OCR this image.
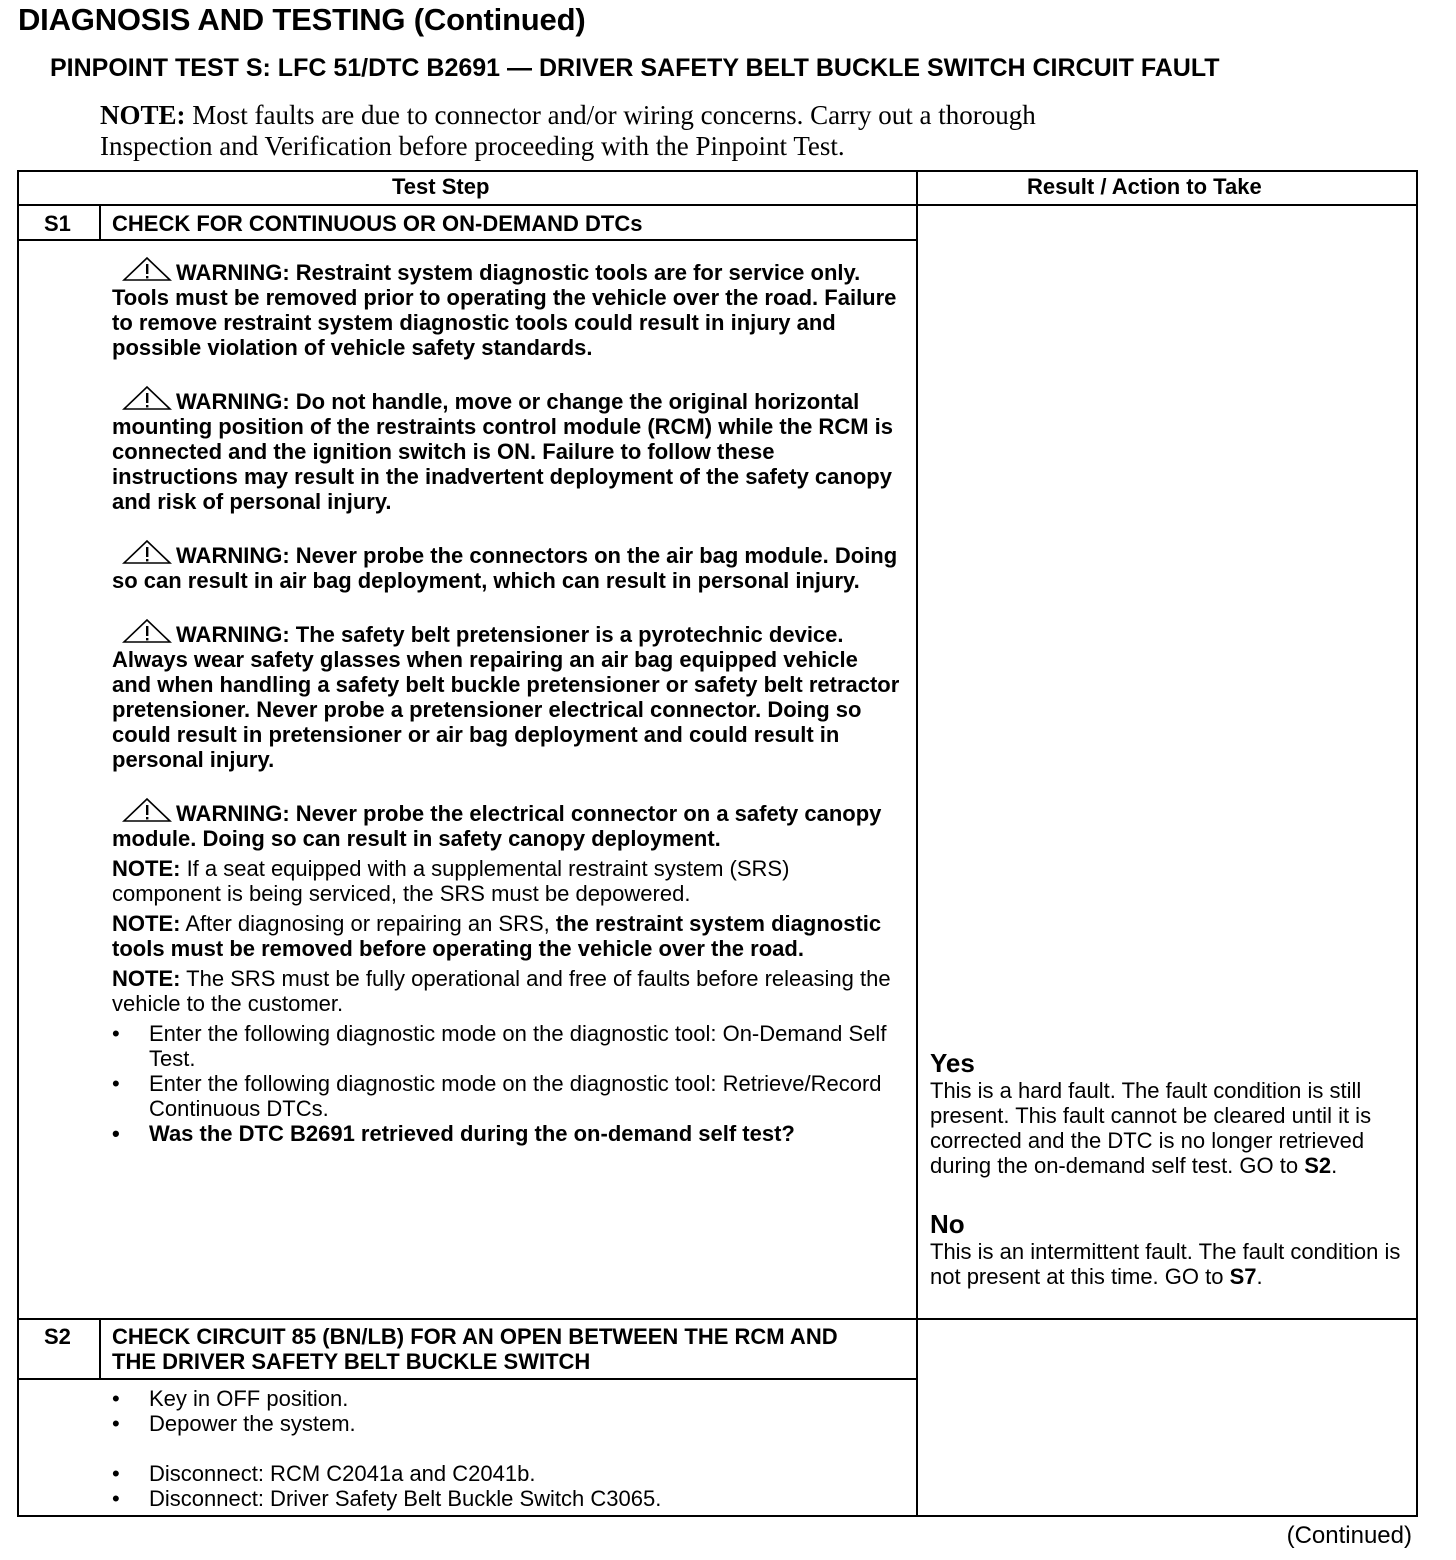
DIAGNOSIS AND TESTING (Continued)
PINPOINT TEST S: LFC 51/DTC B2691 — DRIVER SAFETY BELT BUCKLE SWITCH CIRCUIT FAULT
NOTE: Most faults are due to connector and/or wiring concerns. Carry out a thorough
Inspection and Verification before proceeding with the Pinpoint Test.
Test Step	Result / Action to Take
S1 CHECK FOR CONTINUOUS OR ON-DEMAND DTCs

WARNING: Restraint system diagnostic tools are for service only. Tools must be removed prior to operating the vehicle over the road. Failure to remove restraint system diagnostic tools could result in injury and possible violation of vehicle safety standards.

WARNING: Do not handle, move or change the original horizontal mounting position of the restraints control module (RCM) while the RCM is connected and the ignition switch is ON. Failure to follow these instructions may result in the inadvertent deployment of the safety canopy and risk of personal injury.

WARNING: Never probe the connectors on the air bag module. Doing so can result in air bag deployment, which can result in personal injury.

WARNING: The safety belt pretensioner is a pyrotechnic device. Always wear safety glasses when repairing an air bag equipped vehicle and when handling a safety belt buckle pretensioner or safety belt retractor pretensioner. Never probe a pretensioner electrical connector. Doing so could result in pretensioner or air bag deployment and could result in personal injury.

WARNING: Never probe the electrical connector on a safety canopy module. Doing so can result in safety canopy deployment.

NOTE: If a seat equipped with a supplemental restraint system (SRS) component is being serviced, the SRS must be depowered.

NOTE: After diagnosing or repairing an SRS, the restraint system diagnostic tools must be removed before operating the vehicle over the road.

NOTE: The SRS must be fully operational and free of faults before releasing the vehicle to the customer.

• Enter the following diagnostic mode on the diagnostic tool: On-Demand Self Test.
• Enter the following diagnostic mode on the diagnostic tool: Retrieve/Record Continuous DTCs.
• Was the DTC B2691 retrieved during the on-demand self test?
Yes
This is a hard fault. The fault condition is still present. This fault cannot be cleared until it is corrected and the DTC is no longer retrieved during the on-demand self test. GO to S2.
No
This is an intermittent fault. The fault condition is not present at this time. GO to S7.
S2 CHECK CIRCUIT 85 (BN/LB) FOR AN OPEN BETWEEN THE RCM AND THE DRIVER SAFETY BELT BUCKLE SWITCH
• Key in OFF position.
• Depower the system.
• Disconnect: RCM C2041a and C2041b.
• Disconnect: Driver Safety Belt Buckle Switch C3065.
(Continued)
